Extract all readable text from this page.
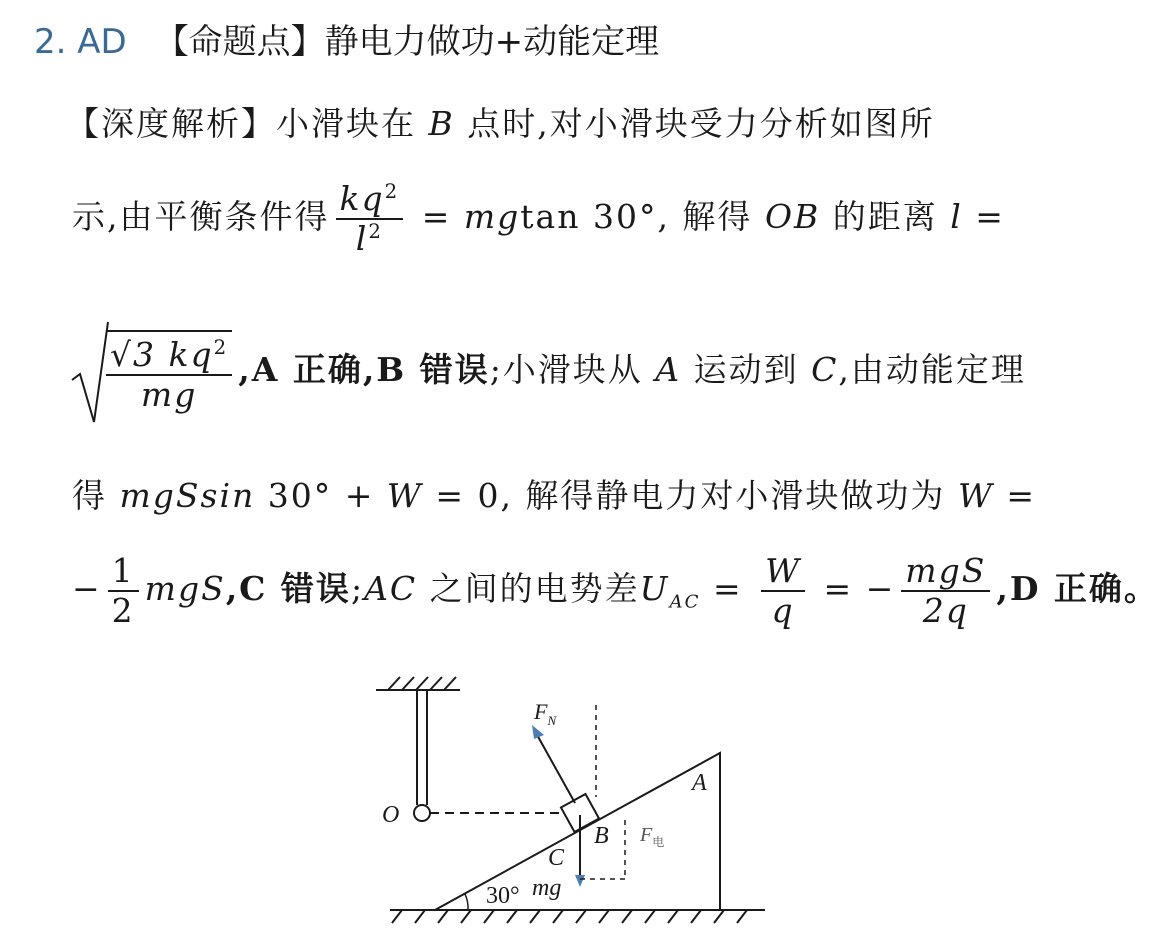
2. AD 【命题点】静电力做功+动能定理
【深度解析】小滑块在 B 点时,对小滑块受力分析如图所
示,由平衡条件得 $\frac{kq^2}{l^2} = mgtan$ 30°, 解得 OB 的距离 l =
$\frac{√3 kq^2}{mg} ,A$ 正确,B 错误;小滑块从 A 运动到 C,由动能定理
得 mgSsin 30° + W = 0, 解得静电力对小滑块做功为 W =
− $\frac{1}{2} mgS,C$ 错误;AC 之间的电势差$U_{AC} = \frac{W}{q}$ = − $\frac{\text{mgS}}{2q} ,D$ 正确。
O
30° mg
A
C
B
$F_N$
$F_电$
